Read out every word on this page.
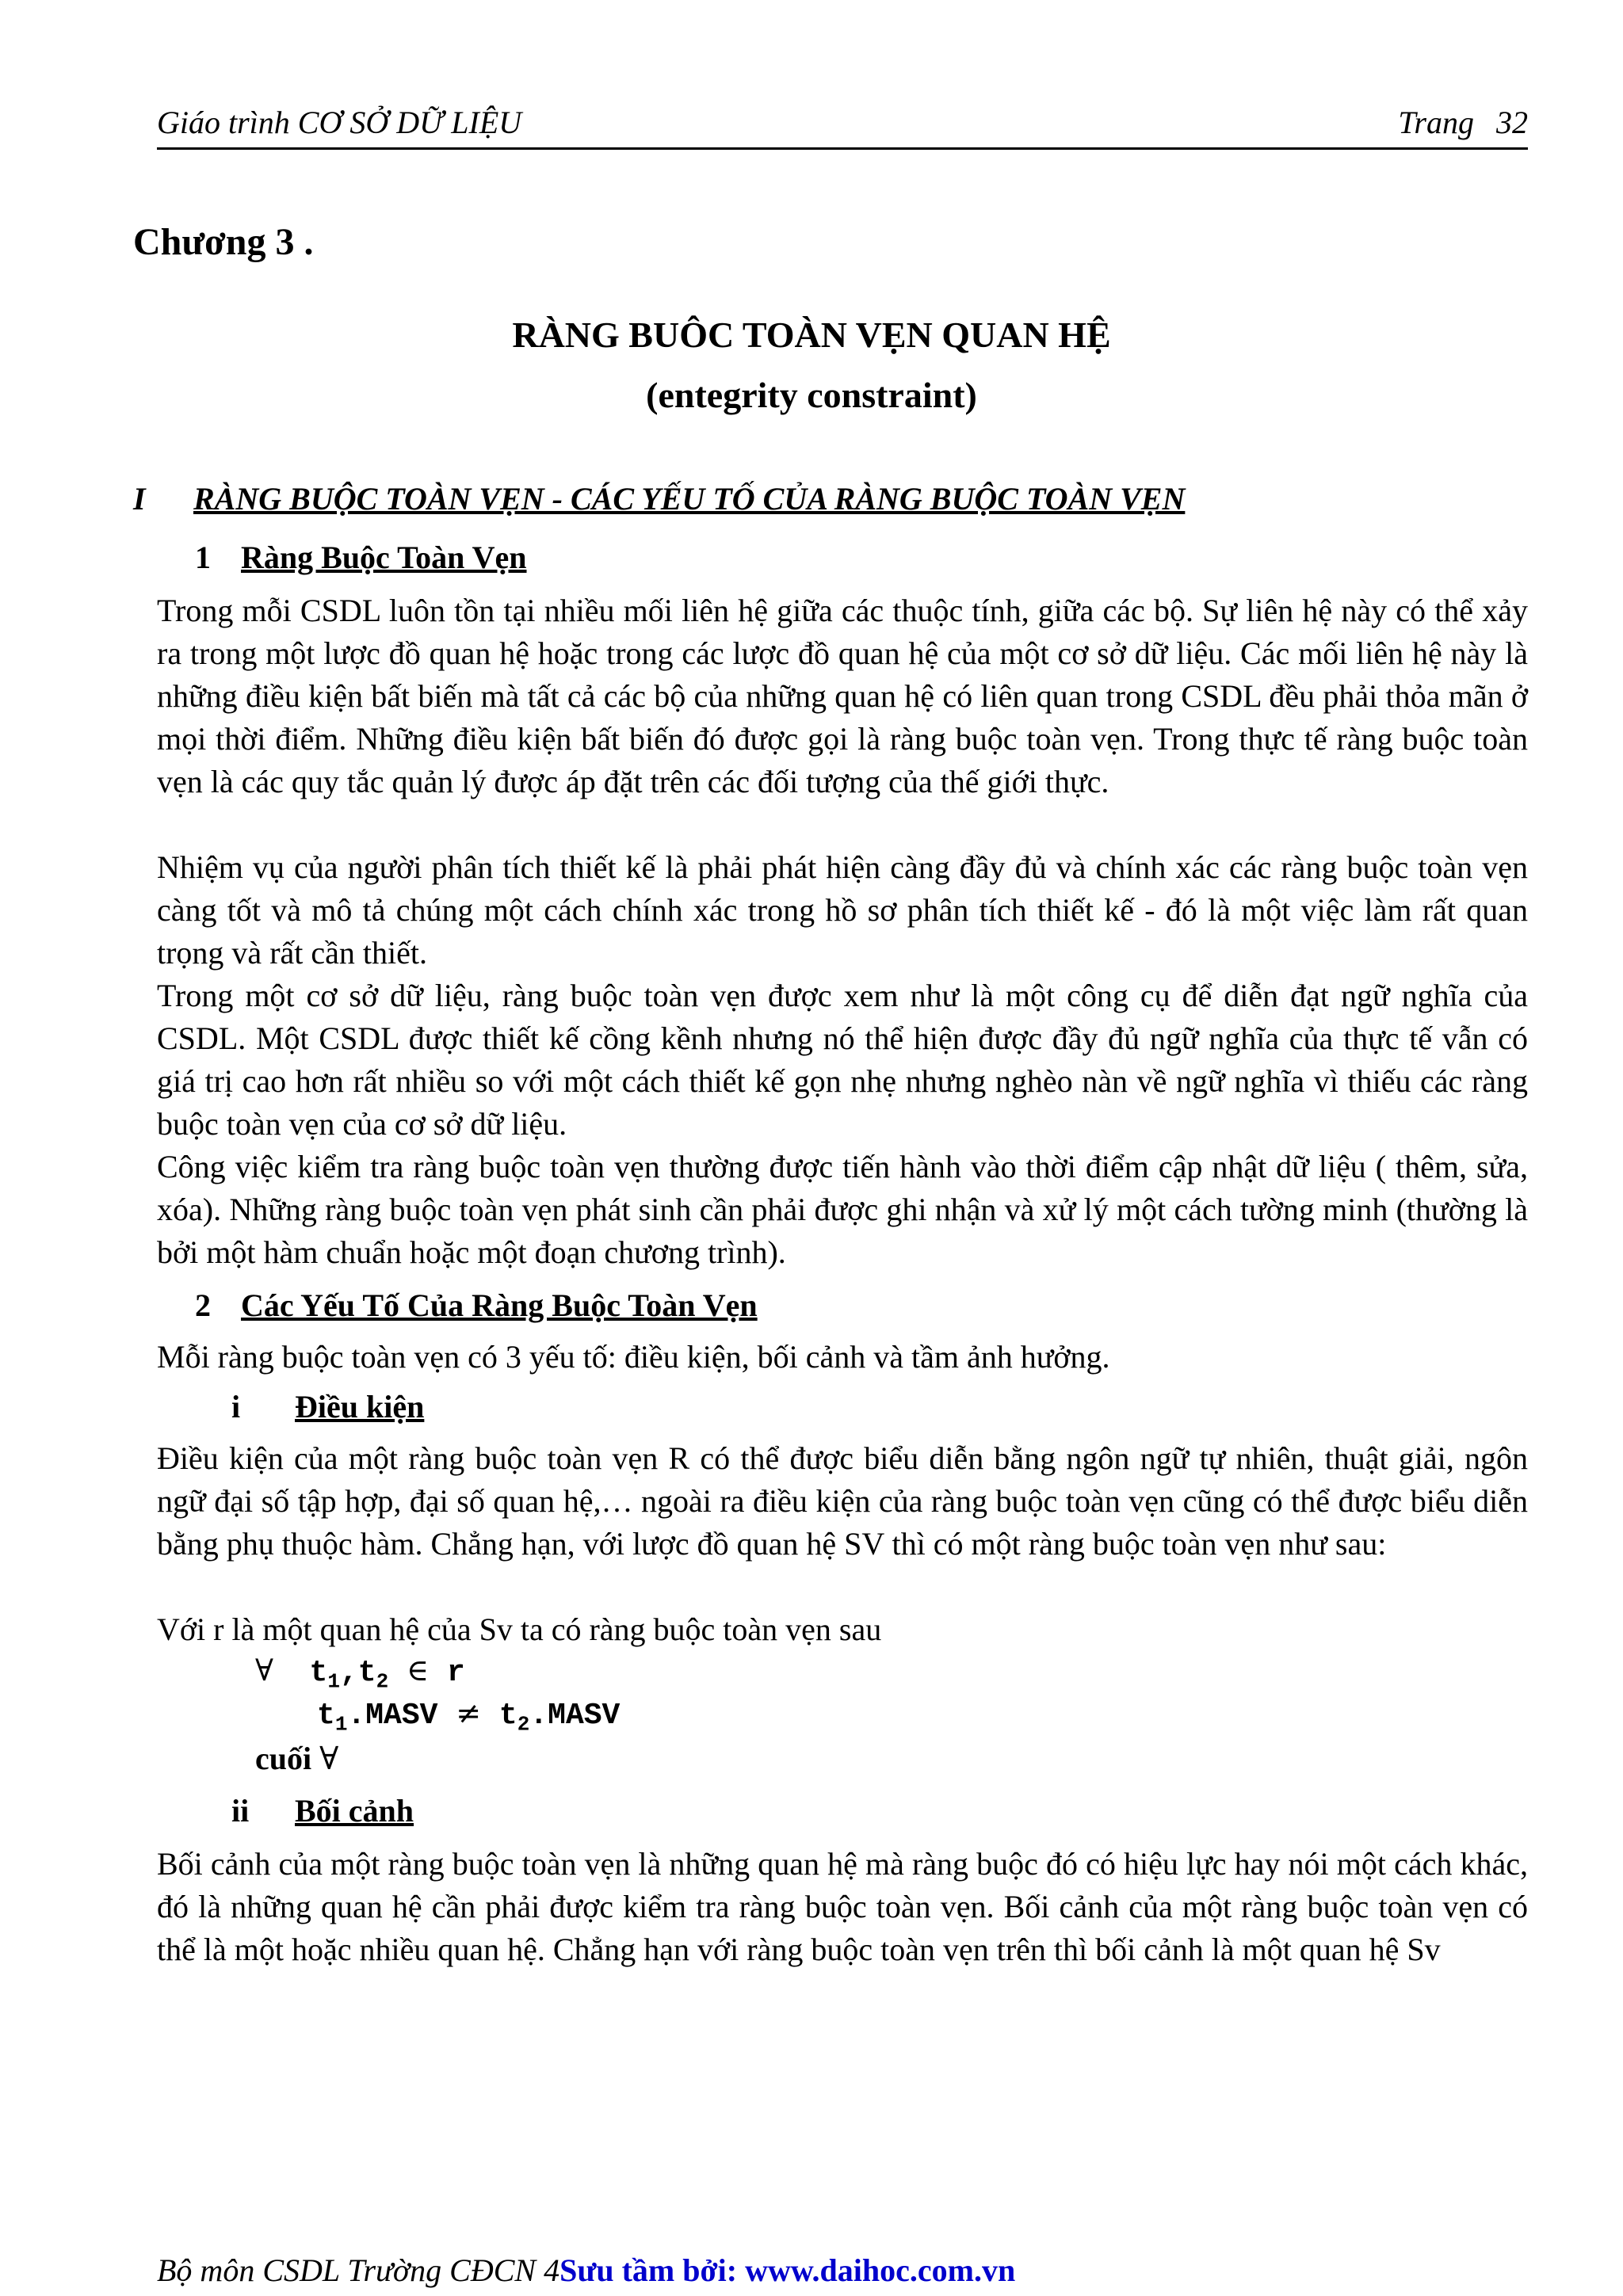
Giáo trình CƠ SỞ DỮ LIỆU	Trang 32
Chương 3 .
RÀNG BUÔC TOÀN VẸN QUAN HỆ
(entegrity constraint)
I RÀNG BUỘC TOÀN VẸN - CÁC YẾU TỐ CỦA RÀNG BUỘC TOÀN VẸN
1 Ràng Buộc Toàn Vẹn

Trong mỗi CSDL luôn tồn tại nhiều mối liên hệ giữa các thuộc tính, giữa các bộ. Sự liên hệ này có thể xảy ra trong một lược đồ quan hệ hoặc trong các lược đồ quan hệ của một cơ sở dữ liệu. Các mối liên hệ này là những điều kiện bất biến mà tất cả các bộ của những quan hệ có liên quan trong CSDL đều phải thỏa mãn ở mọi thời điểm. Những điều kiện bất biến đó được gọi là ràng buộc toàn vẹn. Trong thực tế ràng buộc toàn vẹn là các quy tắc quản lý được áp đặt trên các đối tượng của thế giới thực.

Nhiệm vụ của người phân tích thiết kế là phải phát hiện càng đầy đủ và chính xác các ràng buộc toàn vẹn càng tốt và mô tả chúng một cách chính xác trong hồ sơ phân tích thiết kế - đó là một việc làm rất quan trọng và rất cần thiết.

Trong một cơ sở dữ liệu, ràng buộc toàn vẹn được xem như là một công cụ để diễn đạt ngữ nghĩa của CSDL. Một CSDL được thiết kế cồng kềnh nhưng nó thể hiện được đầy đủ ngữ nghĩa của thực tế vẫn có giá trị cao hơn rất nhiều so với một cách thiết kế gọn nhẹ nhưng nghèo nàn về ngữ nghĩa vì thiếu các ràng buộc toàn vẹn của cơ sở dữ liệu.

Công việc kiểm tra ràng buộc toàn vẹn thường được tiến hành vào thời điểm cập nhật dữ liệu ( thêm, sửa, xóa). Những ràng buộc toàn vẹn phát sinh cần phải được ghi nhận và xử lý một cách tường minh (thường là bởi một hàm chuẩn hoặc một đoạn chương trình).

2 Các Yếu Tố Của Ràng Buộc Toàn Vẹn

Mỗi ràng buộc toàn vẹn có 3 yếu tố: điều kiện, bối cảnh và tầm ảnh hưởng.

i Điều kiện

Điều kiện của một ràng buộc toàn vẹn R có thể được biểu diễn bằng ngôn ngữ tự nhiên, thuật giải, ngôn ngữ đại số tập hợp, đại số quan hệ,… ngoài ra điều kiện của ràng buộc toàn vẹn cũng có thể được biểu diễn bằng phụ thuộc hàm. Chẳng hạn, với lược đồ quan hệ SV thì có một ràng buộc toàn vẹn như sau:

Với r là một quan hệ của Sv ta có ràng buộc toàn vẹn sau

∀ $t_1,t_2$ ∈ r
$t_1.MASV$ ≠ $t_2.MASV$
cuối ∀
ii Bối cảnh

Bối cảnh của một ràng buộc toàn vẹn là những quan hệ mà ràng buộc đó có hiệu lực hay nói một cách khác, đó là những quan hệ cần phải được kiểm tra ràng buộc toàn vẹn. Bối cảnh của một ràng buộc toàn vẹn có thể là một hoặc nhiều quan hệ. Chẳng hạn với ràng buộc toàn vẹn trên thì bối cảnh là một quan hệ Sv

Bộ môn CSDL Trường CĐCN 4Sưu tầm bởi: www.daihoc.com.vn
